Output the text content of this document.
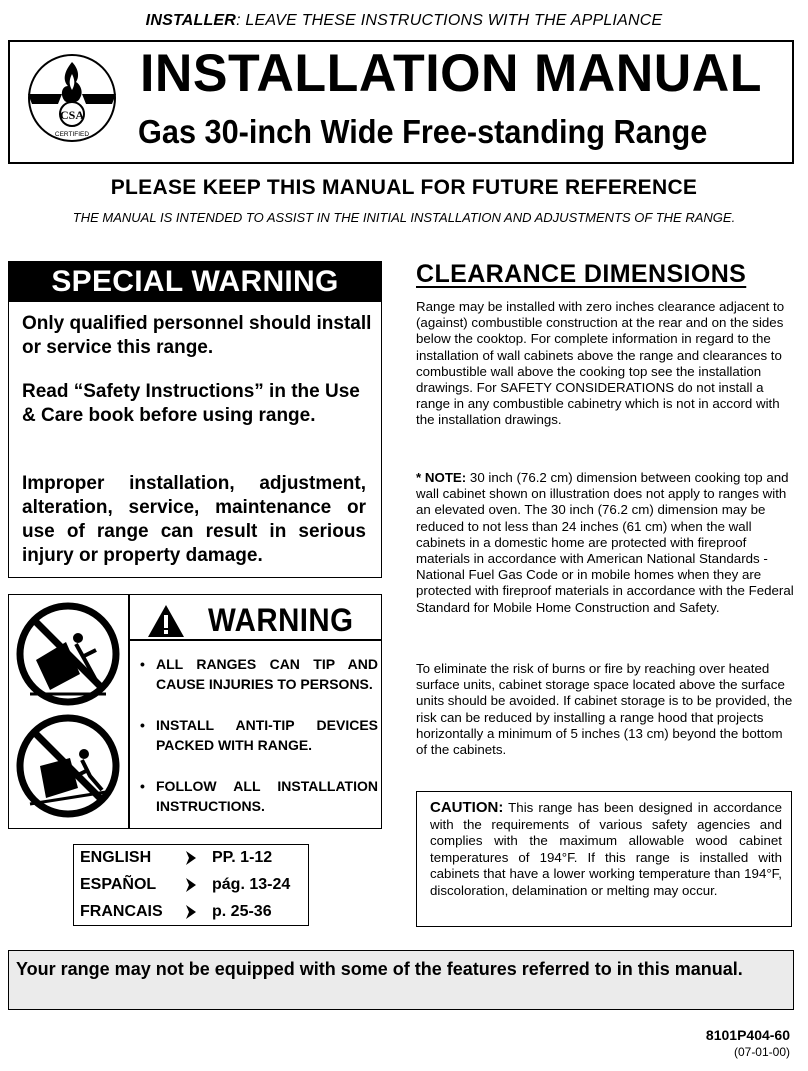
INSTALLER: LEAVE THESE INSTRUCTIONS WITH THE APPLIANCE
CSA
CERTIFIED
INSTALLATION MANUAL
Gas 30-inch Wide Free-standing Range
PLEASE KEEP THIS MANUAL FOR FUTURE REFERENCE
THE MANUAL IS INTENDED TO ASSIST IN THE INITIAL INSTALLATION AND ADJUSTMENTS OF THE RANGE.
SPECIAL WARNING
Only qualified personnel should install or service this range.
Read “Safety Instructions” in the Use & Care book before using range.
Improper installation, adjustment, alteration, service, maintenance or use of range can result in serious injury or property damage.
WARNING
• ALL RANGES CAN TIP AND CAUSE INJURIES TO PERSONS.
• INSTALL ANTI-TIP DEVICES PACKED WITH RANGE.
• FOLLOW ALL INSTALLATION INSTRUCTIONS.
ENGLISH	PP. 1-12
ESPAÑOL	pág. 13-24
FRANCAIS	p. 25-36
CLEARANCE DIMENSIONS
Range may be installed with zero inches clearance adjacent to (against) combustible construction at the rear and on the sides below the cooktop. For complete information in regard to the installation of wall cabinets above the range and clearances to combustible wall above the cooking top see the installation drawings. For SAFETY CONSIDERATIONS do not install a range in any combustible cabinetry which is not in accord with the installation drawings.
* NOTE: 30 inch (76.2 cm) dimension between cooking top and wall cabinet shown on illustration does not apply to ranges with an elevated oven. The 30 inch (76.2 cm) dimension may be reduced to not less than 24 inches (61 cm) when the wall cabinets in a domestic home are protected with fireproof materials in accordance with American National Standards - National Fuel Gas Code or in mobile homes when they are protected with fireproof materials in accordance with the Federal Standard for Mobile Home Construction and Safety.
To eliminate the risk of burns or fire by reaching over heated surface units, cabinet storage space located above the surface units should be avoided. If cabinet storage is to be provided, the risk can be reduced by installing a range hood that projects horizontally a minimum of 5 inches (13 cm) beyond the bottom of the cabinets.
CAUTION: This range has been designed in accordance with the requirements of various safety agencies and complies with the maximum allowable wood cabinet temperatures of 194°F. If this range is installed with cabinets that have a lower working temperature than 194°F, discoloration, delamination or melting may occur.
Your range may not be equipped with some of the features referred to in this manual.
8101P404-60
(07-01-00)
